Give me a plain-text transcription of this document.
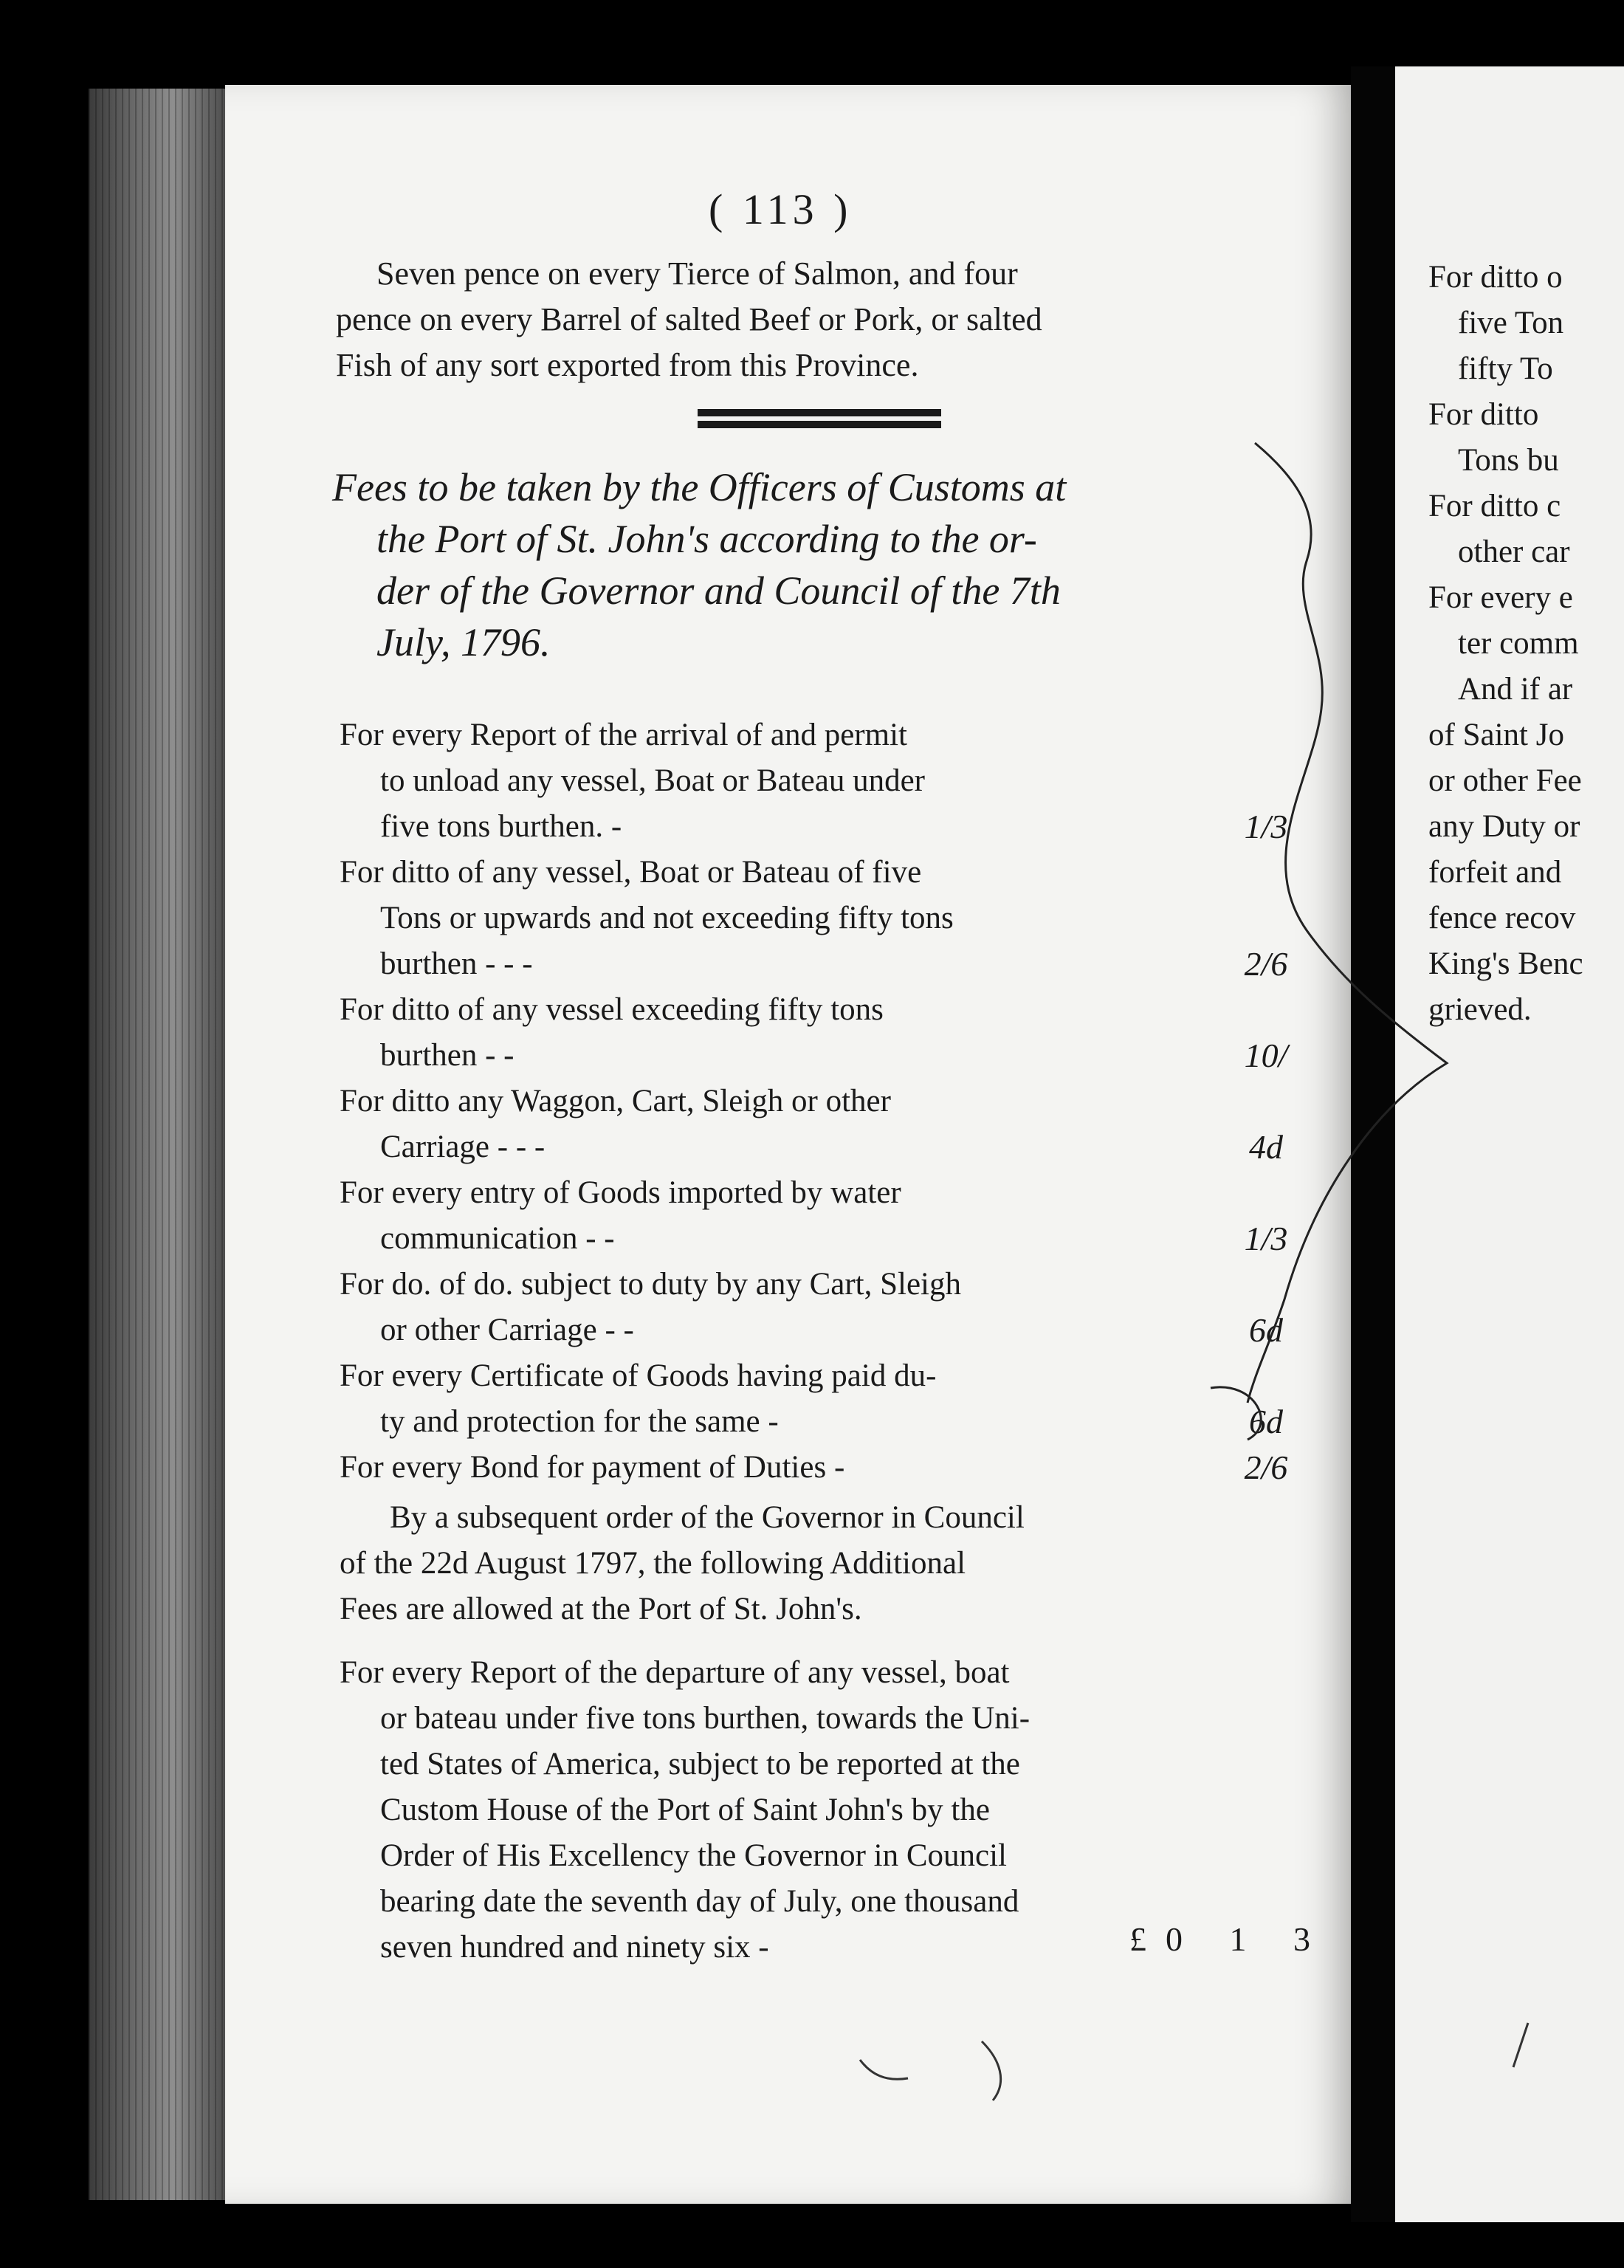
( 113 )
Seven pence on every Tierce of Salmon, and four
pence on every Barrel of salted Beef or Pork, or salted
Fish of any sort exported from this Province.
Fees to be taken by the Officers of Customs at
the Port of St. John's according to the or-
der of the Governor and Council of the 7th
July, 1796.
For every Report of the arrival of and permit
to unload any vessel, Boat or Bateau under
five tons burthen. -	1/3
For ditto of any vessel, Boat or Bateau of five
Tons or upwards and not exceeding fifty tons
burthen - - -	2/6
For ditto of any vessel exceeding fifty tons
burthen - -	10/
For ditto any Waggon, Cart, Sleigh or other
Carriage - - -	4d
For every entry of Goods imported by water
communication - -	1/3
For do. of do. subject to duty by any Cart, Sleigh
or other Carriage - -	6d
For every Certificate of Goods having paid du-
ty and protection for the same -	6d
For every Bond for payment of Duties -	2/6
By a subsequent order of the Governor in Council
of the 22d August 1797, the following Additional
Fees are allowed at the Port of St. John's.
For every Report of the departure of any vessel, boat
or bateau under five tons burthen, towards the Uni-
ted States of America, subject to be reported at the
Custom House of the Port of Saint John's by the
Order of His Excellency the Governor in Council
bearing date the seventh day of July, one thousand
seven hundred and ninety six -	£0 1 3
For ditto o
five Ton
fifty To
For ditto
Tons bu
For ditto c
other car
For every e
ter comm
And if ar
of Saint Jo
or other Fee
any Duty or
forfeit and
fence recov
King's Benc
grieved.
